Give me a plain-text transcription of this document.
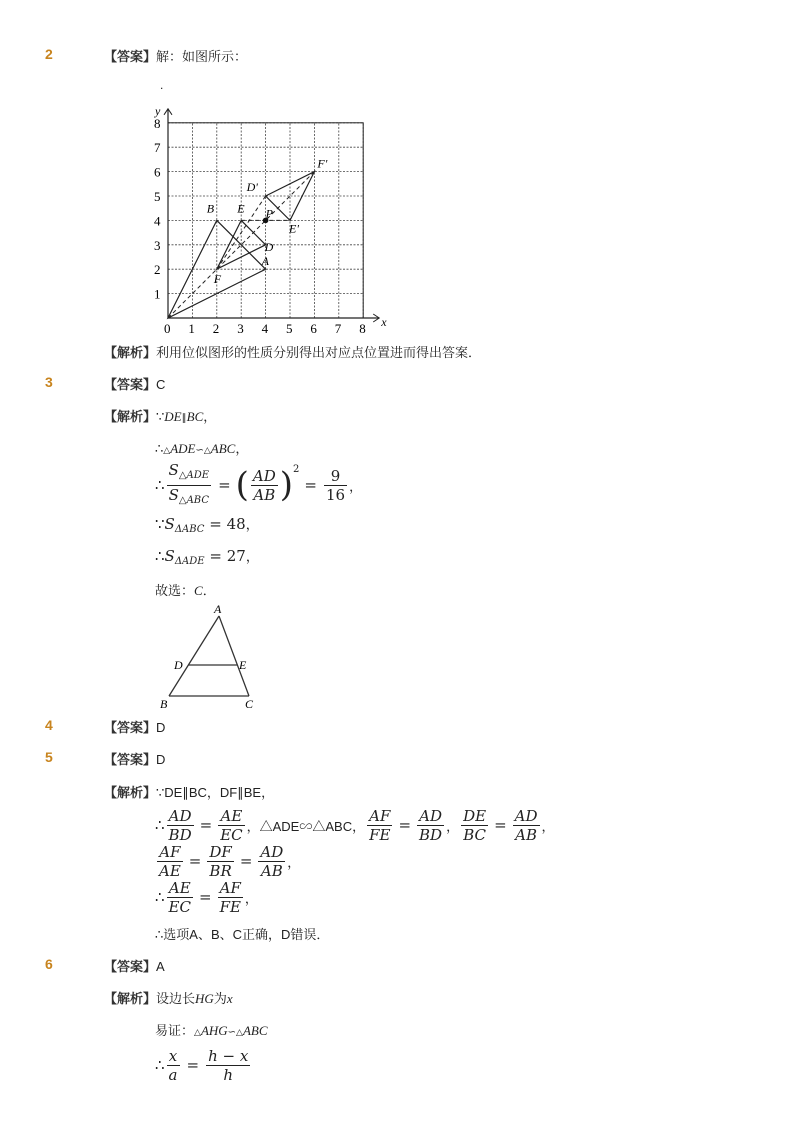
2	【答案】解：如图所示：
.
x
y
0 1 2 3 4 5 6 7 8
1
2
3
4
5
6
7
8
B E
D
A
F
D'
F'
E'
P
【解析】利用位似图形的性质分别得出对应点位置进而得出答案．
3	【答案】C
【解析】∵DE∥BC，
∴△ADE∽△ABC，
∴ $\frac{S_{\triangle ADE}}{S_{\triangle ABC}}$ = ( $\frac{AD}{AB}$ ) 2
= $\frac{9}{16}$ ，
$\because S_{\Delta ABC} = 48$，
$\therefore S_{\Delta ADE} = 27$，
故选：C．
A
D	E
B	C
4	【答案】D
5	【答案】D
【解析】∵DE∥BC，DF∥BE，
∴ $\frac{AD}{BD} = \frac{AE}{EC}$ ，△ADE∽△ABC， $\frac{AF}{FE} = \frac{AD}{BD}$ ， $\frac{DE}{BC} = \frac{AD}{AB}$ ，
$\frac{AF}{AE} = \frac{DF}{BR} = \frac{AD}{AB}$ ，
∴ $\frac{AE}{EC} = \frac{AF}{FE}$ ，
∴选项A、B、C正确，D错误．
6	【答案】A
【解析】设边长HG为x
易证：△AHG∽△ABC
∴ $\frac{x}{a} = \frac{h - x}{h}$
